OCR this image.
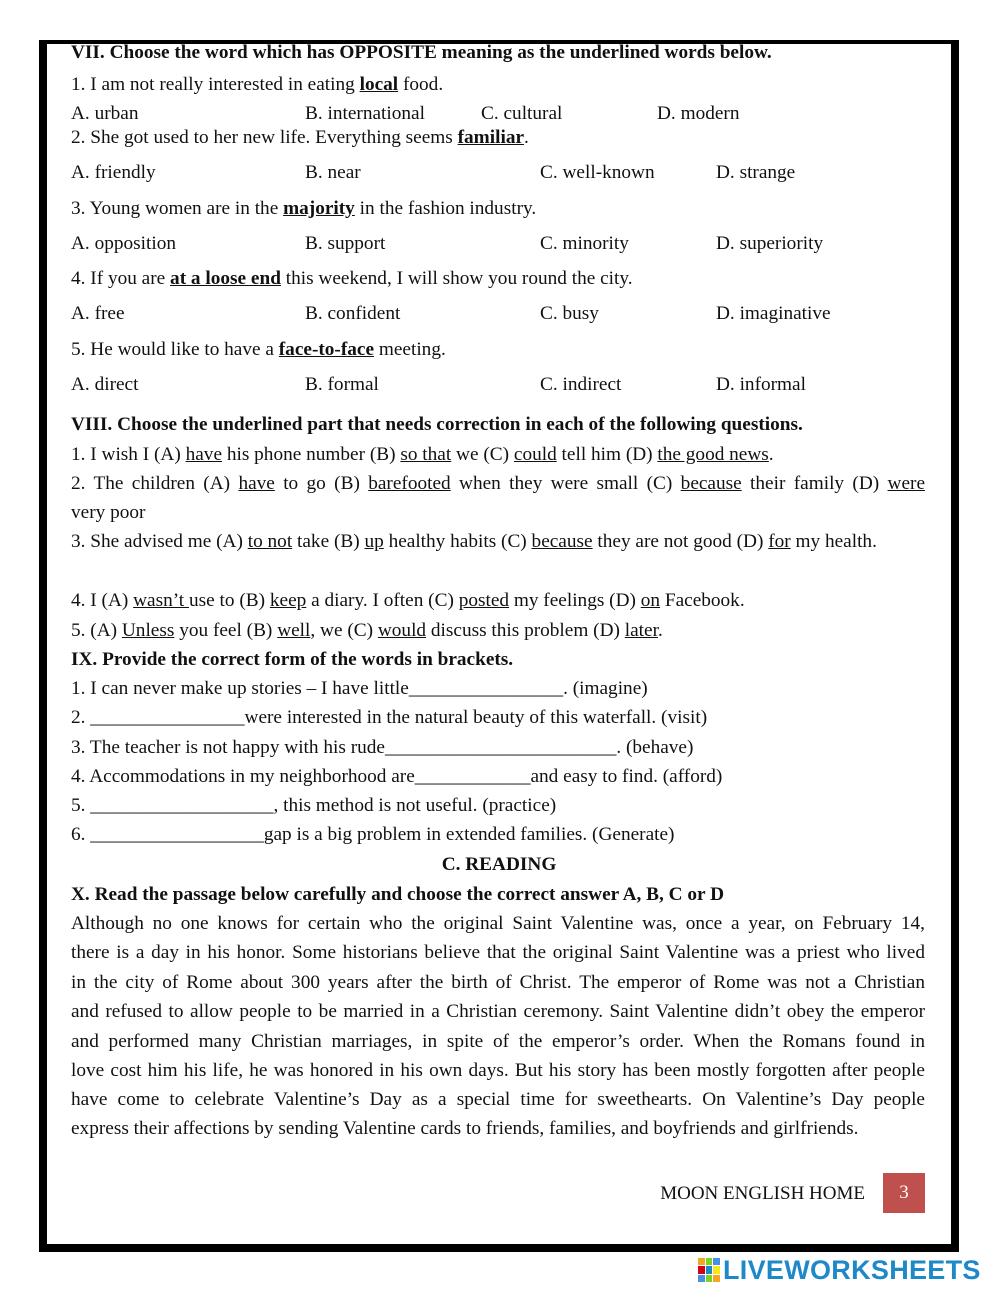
VII. Choose the word which has OPPOSITE meaning as the underlined words below.
1. I am not really interested in eating local food.
A. urban	B. international	C. cultural	D. modern
2. She got used to her new life. Everything seems familiar.
A. friendly	B. near	C. well-known	D. strange
3. Young women are in the majority in the fashion industry.
A. opposition	B. support	C. minority	D. superiority
4. If you are at a loose end this weekend, I will show you round the city.
A. free	B. confident	C. busy	D. imaginative
5. He would like to have a face-to-face meeting.
A. direct	B. formal	C. indirect	D. informal
VIII. Choose the underlined part that needs correction in each of the following questions.
1. I wish I (A) have his phone number (B) so that we (C) could tell him (D) the good news.
2. The children (A) have to go (B) barefooted when they were small (C) because their family (D) were
very poor
3. She advised me (A) to not take (B) up healthy habits (C) because they are not good (D) for my health.
4. I (A) wasn’t use to (B) keep a diary. I often (C) posted my feelings (D) on Facebook.
5. (A) Unless you feel (B) well, we (C) would discuss this problem (D) later.
IX. Provide the correct form of the words in brackets.
1. I can never make up stories – I have little________________. (imagine)
2. ________________were interested in the natural beauty of this waterfall. (visit)
3. The teacher is not happy with his rude________________________. (behave)
4. Accommodations in my neighborhood are____________and easy to find. (afford)
5. ___________________, this method is not useful. (practice)
6. __________________gap is a big problem in extended families. (Generate)
C. READING
X. Read the passage below carefully and choose the correct answer A, B, C or D
Although no one knows for certain who the original Saint Valentine was, once a year, on February 14,
there is a day in his honor. Some historians believe that the original Saint Valentine was a priest who lived
in the city of Rome about 300 years after the birth of Christ. The emperor of Rome was not a Christian
and refused to allow people to be married in a Christian ceremony. Saint Valentine didn’t obey the emperor
and performed many Christian marriages, in spite of the emperor’s order. When the Romans found in
love cost him his life, he was honored in his own days. But his story has been mostly forgotten after people
have come to celebrate Valentine’s Day as a special time for sweethearts. On Valentine’s Day people
express their affections by sending Valentine cards to friends, families, and boyfriends and girlfriends.
MOON ENGLISH HOME	3
LIVEWORKSHEETS
